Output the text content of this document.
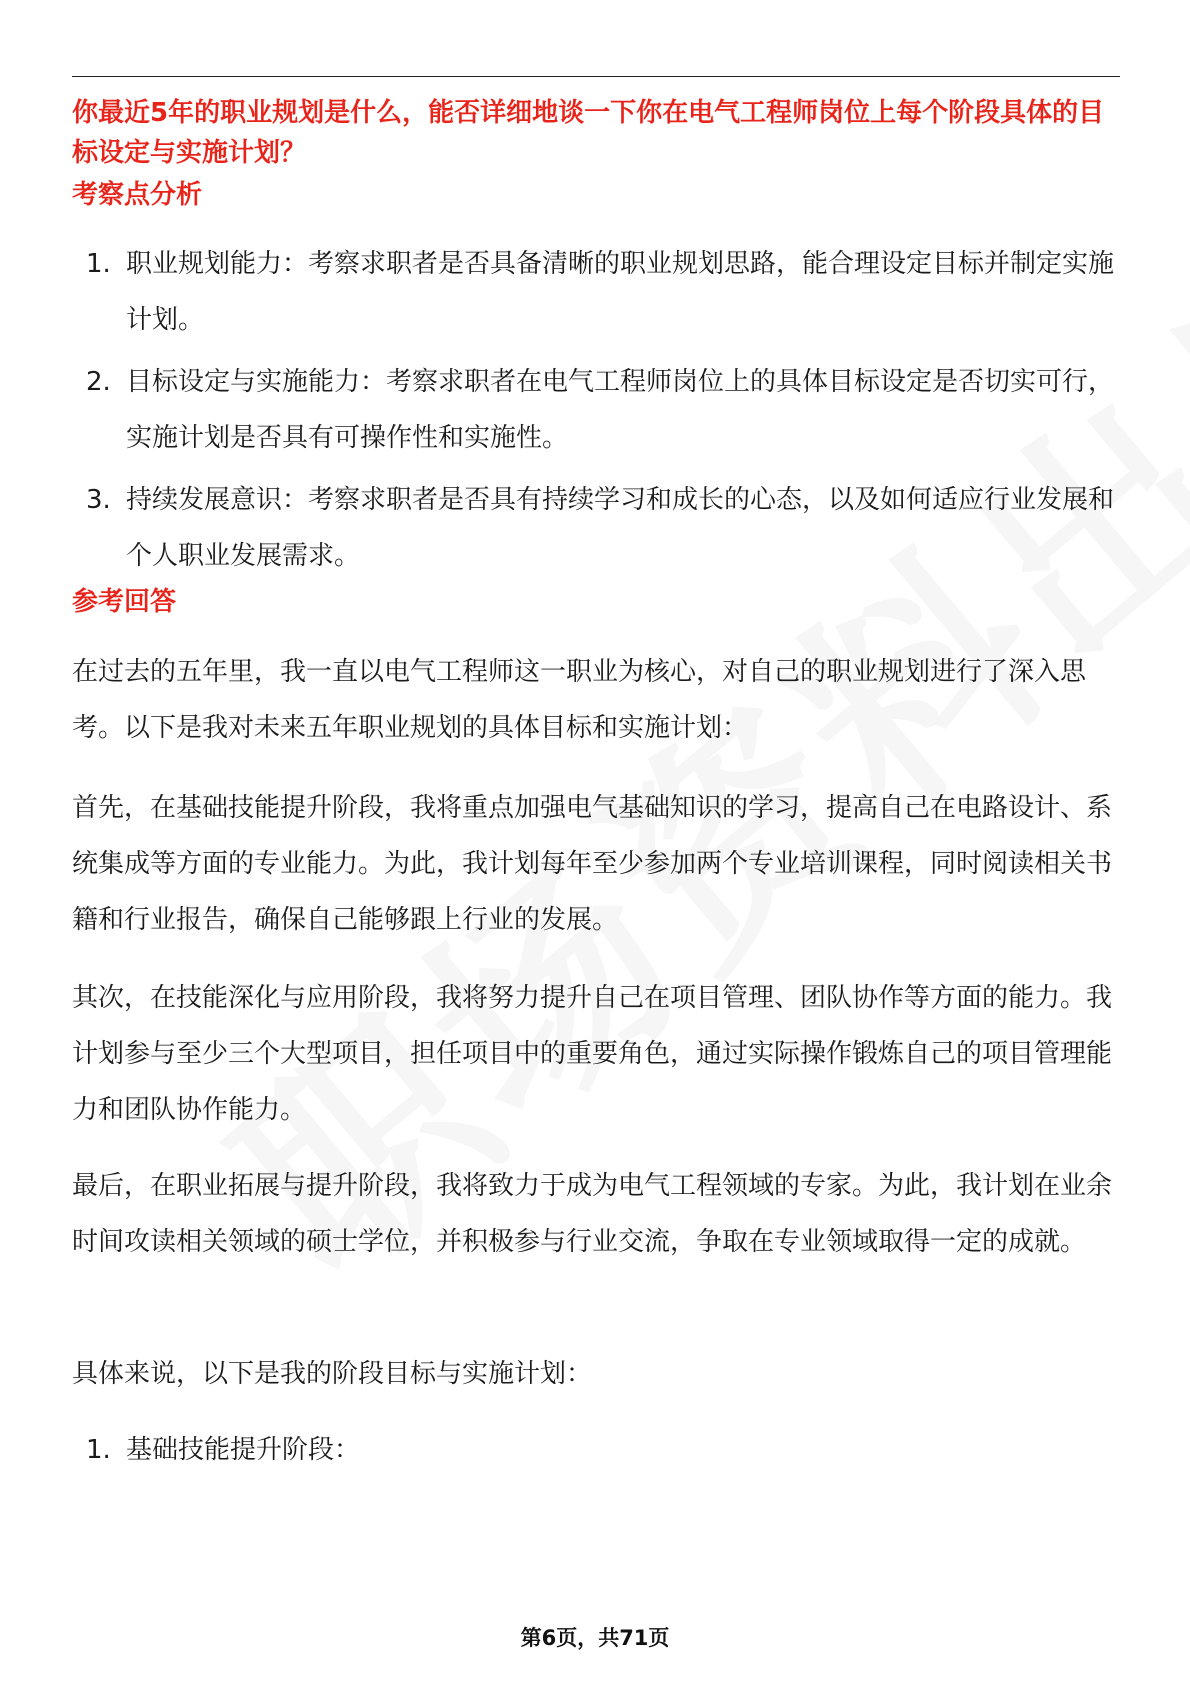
你最近5年的职业规划是什么，能否详细地谈一下你在电气工程师岗位上每个阶段具体的目标设定与实施计划？

考察点分析
1. 职业规划能力：考察求职者是否具备清晰的职业规划思路，能合理设定目标并制定实施计划。
2. 目标设定与实施能力：考察求职者在电气工程师岗位上的具体目标设定是否切实可行，实施计划是否具有可操作性和实施性。
3. 持续发展意识：考察求职者是否具有持续学习和成长的心态，以及如何适应行业发展和个人职业发展需求。
参考回答

在过去的五年里，我一直以电气工程师这一职业为核心，对自己的职业规划进行了深入思考。以下是我对未来五年职业规划的具体目标和实施计划：

首先，在基础技能提升阶段，我将重点加强电气基础知识的学习，提高自己在电路设计、系统集成等方面的专业能力。为此，我计划每年至少参加两个专业培训课程，同时阅读相关书籍和行业报告，确保自己能够跟上行业的发展。

其次，在技能深化与应用阶段，我将努力提升自己在项目管理、团队协作等方面的能力。我计划参与至少三个大型项目，担任项目中的重要角色，通过实际操作锻炼自己的项目管理能力和团队协作能力。

最后，在职业拓展与提升阶段，我将致力于成为电气工程领域的专家。为此，我计划在业余时间攻读相关领域的硕士学位，并积极参与行业交流，争取在专业领域取得一定的成就。

具体来说，以下是我的阶段目标与实施计划：

1. 基础技能提升阶段：
第6页，共71页
